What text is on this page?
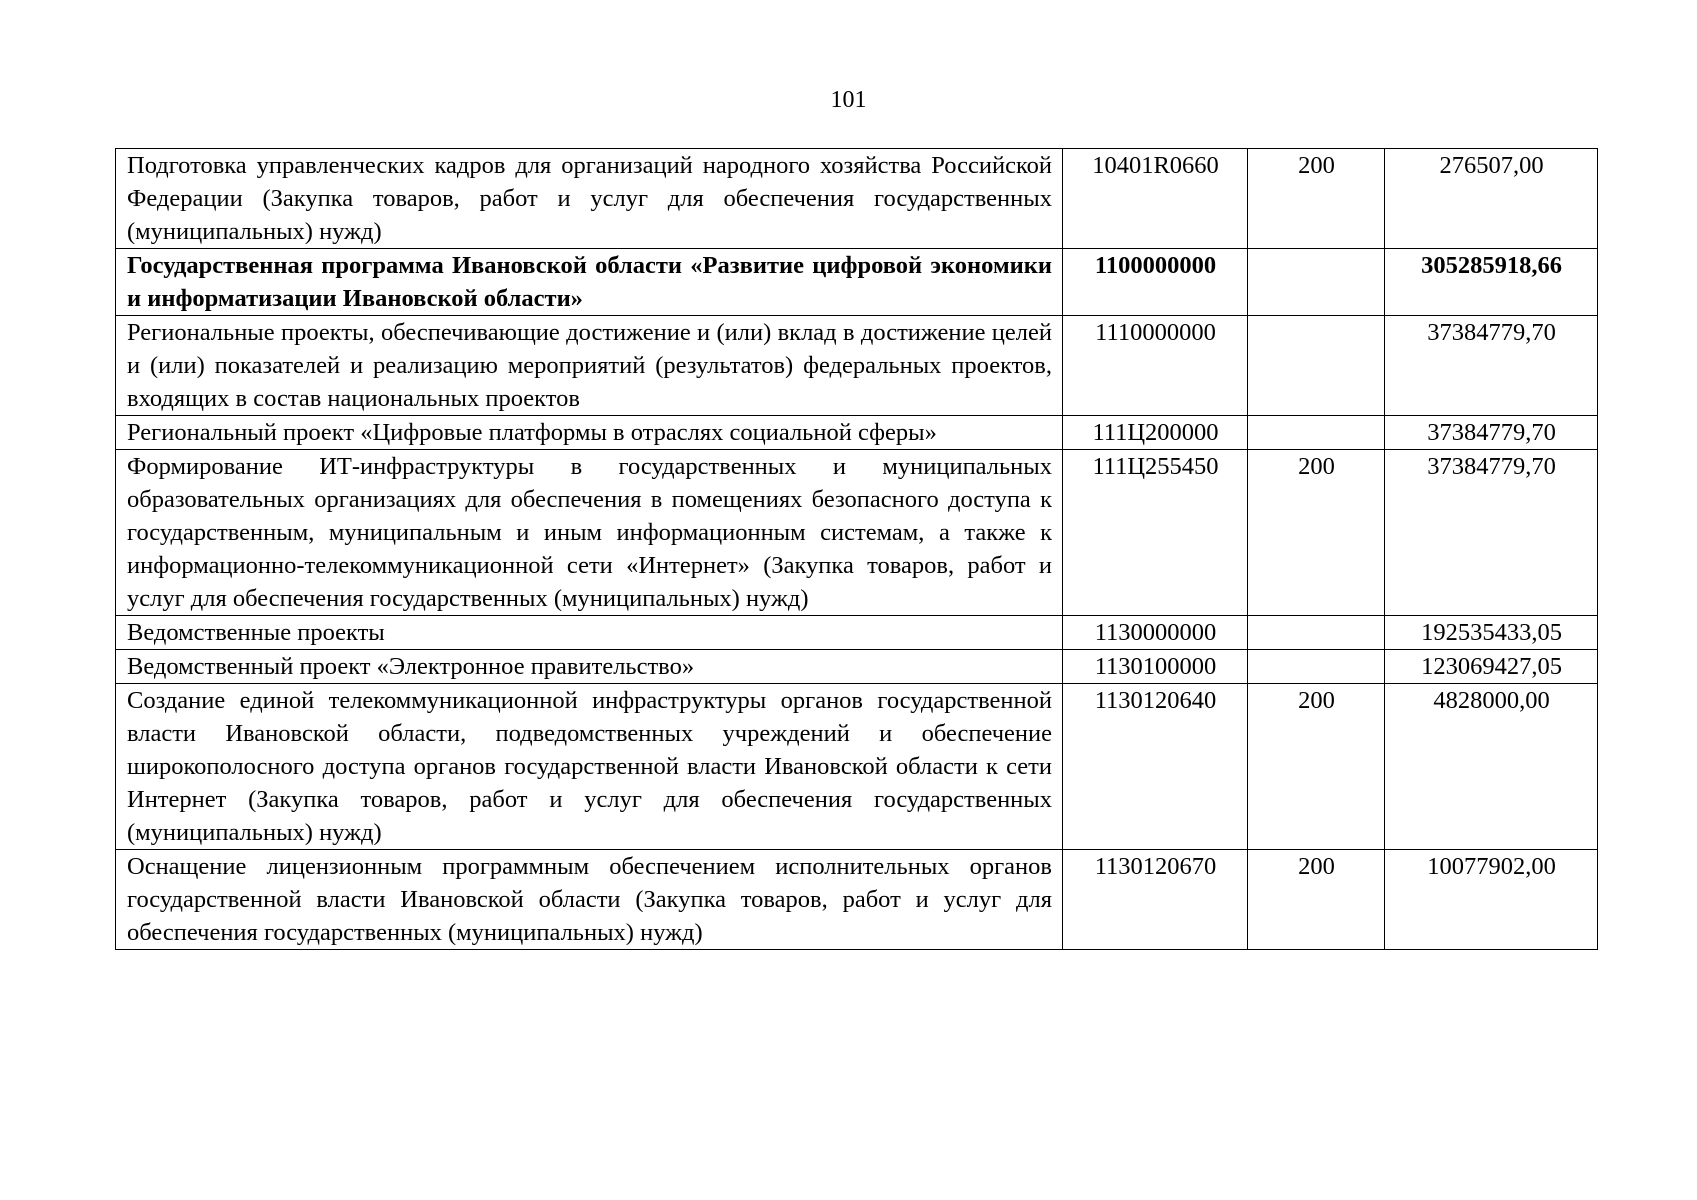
101
Подготовка управленческих кадров для организаций народного хозяйства Российской Федерации (Закупка товаров, работ и услуг для обеспечения государственных (муниципальных) нужд)	10401R0660	200	276507,00
Государственная программа Ивановской области «Развитие цифровой экономики и информатизации Ивановской области»	1100000000		305285918,66
Региональные проекты, обеспечивающие достижение и (или) вклад в достижение целей и (или) показателей и реализацию мероприятий (результатов) федеральных проектов, входящих в состав национальных проектов	1110000000		37384779,70
Региональный проект «Цифровые платформы в отраслях социальной сферы»	111Ц200000		37384779,70
Формирование ИТ-инфраструктуры в государственных и муниципальных образовательных организациях для обеспечения в помещениях безопасного доступа к государственным, муниципальным и иным информационным системам, а также к информационно-телекоммуникационной сети «Интернет» (Закупка товаров, работ и услуг для обеспечения государственных (муниципальных) нужд)	111Ц255450	200	37384779,70
Ведомственные проекты	1130000000		192535433,05
Ведомственный проект «Электронное правительство»	1130100000		123069427,05
Создание единой телекоммуникационной инфраструктуры органов государственной власти Ивановской области, подведомственных учреждений и обеспечение широкополосного доступа органов государственной власти Ивановской области к сети Интернет (Закупка товаров, работ и услуг для обеспечения государственных (муниципальных) нужд)	1130120640	200	4828000,00
Оснащение лицензионным программным обеспечением исполнительных органов государственной власти Ивановской области (Закупка товаров, работ и услуг для обеспечения государственных (муниципальных) нужд)	1130120670	200	10077902,00
